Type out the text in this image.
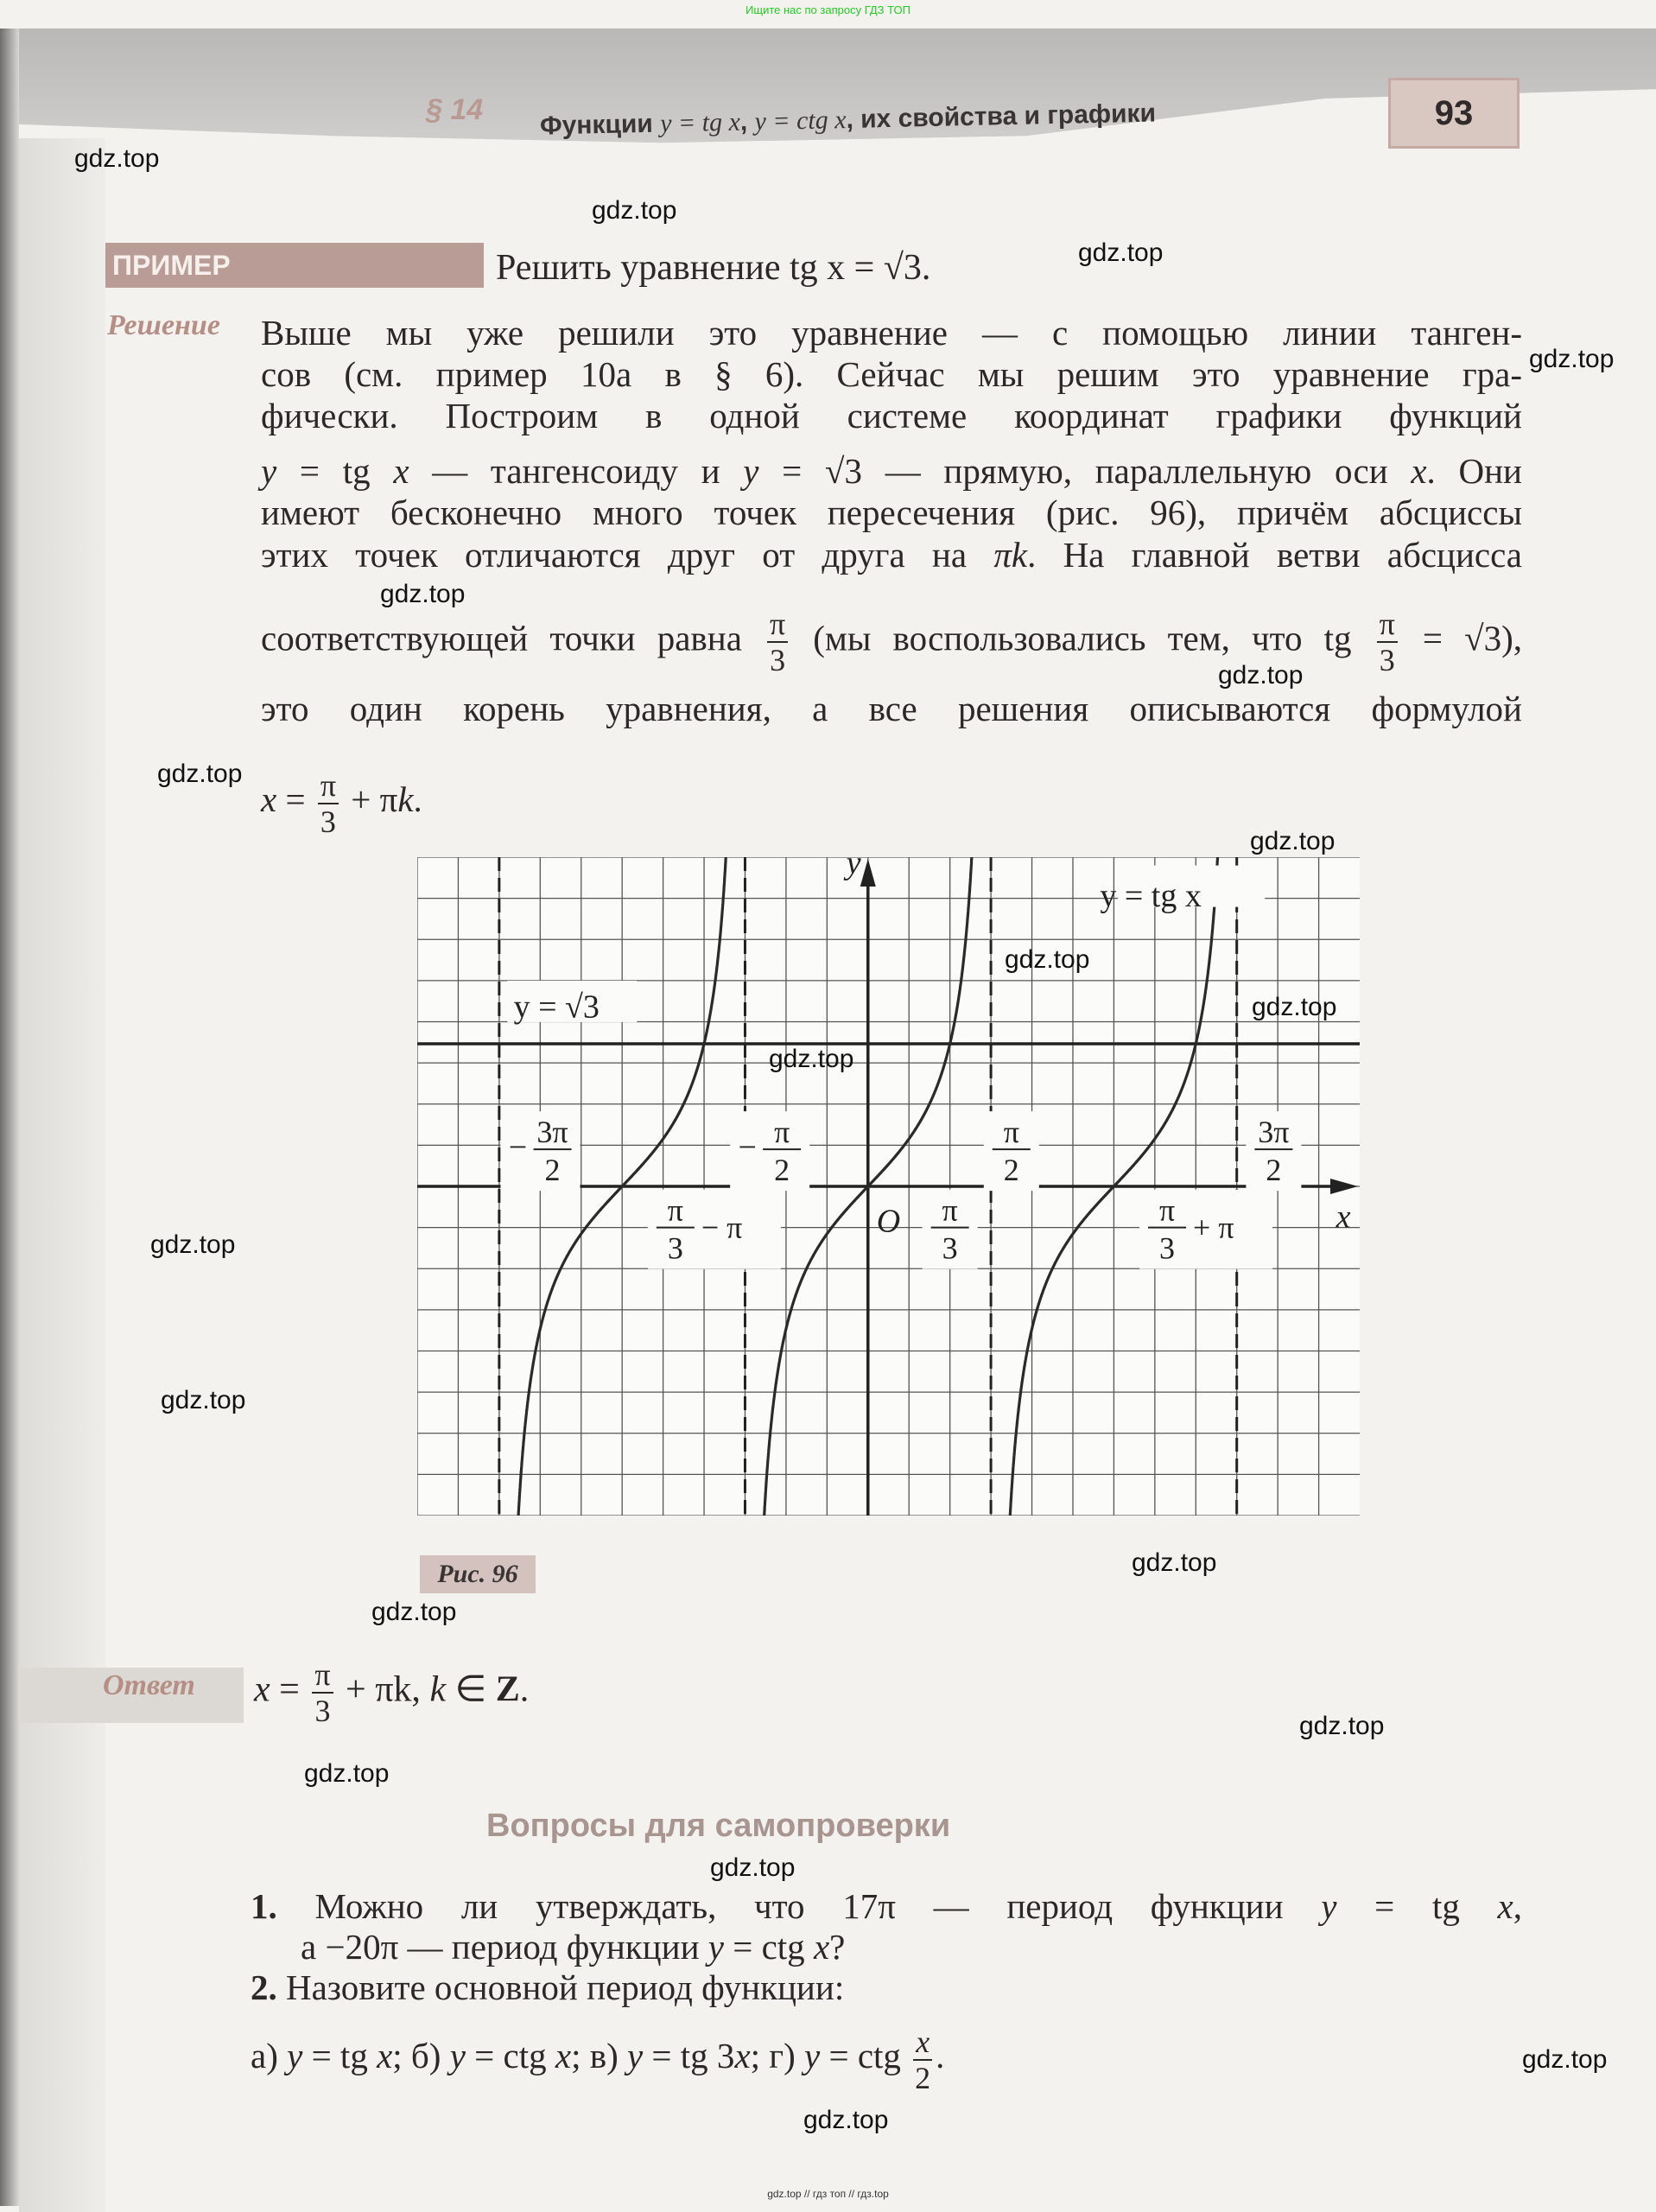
Ищите нас по запросу ГДЗ ТОП
§ 14 Функции y = tg x, y = ctg x, их свойства и графики	93
ПРИМЕР	Решить уравнение tg x = √3.
Решение Выше мы уже решили это уравнение — с помощью линии танген-
сов (см. пример 10а в § 6). Сейчас мы решим это уравнение гра-
фически. Построим в одной системе координат графики функций
y = tg x — тангенсоиду и y = √3 — прямую, параллельную оси x. Они
имеют бесконечно много точек пересечения (рис. 96), причём абсциссы
этих точек отличаются друг от друга на πk. На главной ветви абсцисса
соответствующей точки равна $\frac{\pi}{3} (мы$ воспользовались тем, что tg $\frac{\pi}{3} = √3$),
это один корень уравнения, а все решения описываются формулой
$x = \frac{\pi}{3} + \pi k$.
y = √3
y = tg x
y
x
O
− 3π
2
− π
2
π
2
3π
2
π
3
− π	π
3
π
3
+ π
Рис. 96
Ответ $x = \frac{\pi}{3} + \pi k$, k ∈ Z.
Вопросы для самопроверки
1. Можно ли утверждать, что 17π — период функции y = tg x,
а −20π — период функции y = ctg x?
2. Назовите основной период функции:
а) y = tg x; б) y = ctg x; в) y = tg 3x; г) y = ctg $\frac{x}{2}$ .
gdz.top
gdz.top
gdz.top
gdz.top
gdz.top
gdz.top
gdz.top
gdz.top
gdz.top
gdz.top
gdz.top
gdz.top
gdz.top
gdz.top
gdz.top
gdz.top
gdz.top
gdz.top
gdz.top
gdz.top
gdz.top // гдз топ // гдз.top
